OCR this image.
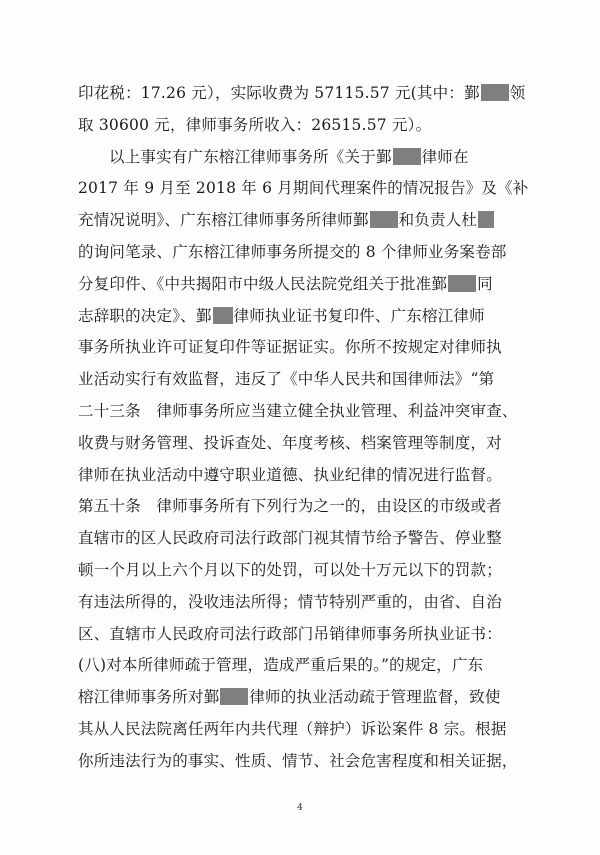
印花税：17.26 元），实际收费为 57115.57 元(其中：鄞 领
取 30600 元，律师事务所收入：26515.57 元）。
以上事实有广东榕江律师事务所《关于鄞 律师在
2017 年 9 月至 2018 年 6 月期间代理案件的情况报告》及《补
充情况说明》、广东榕江律师事务所律师鄞 和负责人杜
的询问笔录、广东榕江律师事务所提交的 8 个律师业务案卷部
分复印件、《中共揭阳市中级人民法院党组关于批准鄞 同
志辞职的决定》、鄞 律师执业证书复印件、广东榕江律师
事务所执业许可证复印件等证据证实。你所不按规定对律师执
业活动实行有效监督，违反了《中华人民共和国律师法》“第
二十三条　律师事务所应当建立健全执业管理、利益冲突审查、
收费与财务管理、投诉查处、年度考核、档案管理等制度，对
律师在执业活动中遵守职业道德、执业纪律的情况进行监督。
第五十条　律师事务所有下列行为之一的，由设区的市级或者
直辖市的区人民政府司法行政部门视其情节给予警告、停业整
顿一个月以上六个月以下的处罚，可以处十万元以下的罚款；
有违法所得的，没收违法所得；情节特别严重的，由省、自治
区、直辖市人民政府司法行政部门吊销律师事务所执业证书：
(八)对本所律师疏于管理，造成严重后果的。”的规定，广东
榕江律师事务所对鄞 律师的执业活动疏于管理监督，致使
其从人民法院离任两年内共代理（辩护）诉讼案件 8 宗。根据
你所违法行为的事实、性质、情节、社会危害程度和相关证据，
4
